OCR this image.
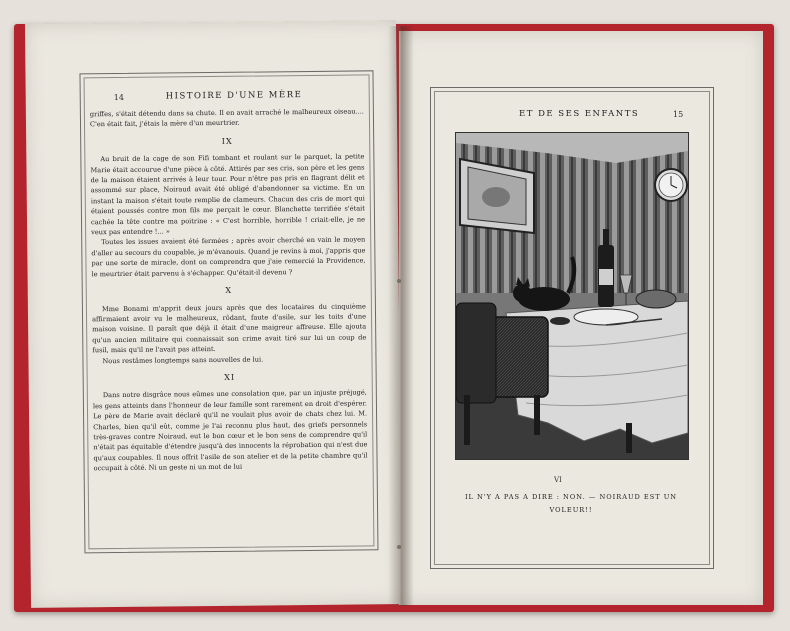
14	HISTOIRE D'UNE MÈRE

griffes, s'était détendu dans sa chute. Il en avait arraché le malheureux oiseau.... C'en était fait, j'étais la mère d'un meurtrier.

IX

Au bruit de la cage de son Fifi tombant et roulant sur le parquet, la petite Marie était accourue d'une pièce à côté. Attirés par ses cris, son père et les gens de la maison étaient arrivés à leur tour. Pour n'être pas pris en flagrant délit et assommé sur place, Noiraud avait été obligé d'abandonner sa victime. En un instant la maison s'était toute remplie de clameurs. Chacun des cris de mort qui étaient poussés contre mon fils me perçait le cœur. Blanchette terrifiée s'était cachée la tête contre ma poitrine : « C'est horrible, horrible ! criait-elle, je ne veux pas entendre !... »

Toutes les issues avaient été fermées ; après avoir cherché en vain le moyen d'aller au secours du coupable, je m'évanouis. Quand je revins à moi, j'appris que par une sorte de miracle, dont on comprendra que j'aie remercié la Providence, le meurtrier était parvenu à s'échapper. Qu'était-il devenu ?

X

Mme Bonami m'apprit deux jours après que des locataires du cinquième affirmaient avoir vu le malheureux, rôdant, faute d'asile, sur les toits d'une maison voisine. Il paraît que déjà il était d'une maigreur affreuse. Elle ajouta qu'un ancien militaire qui connaissait son crime avait tiré sur lui un coup de fusil, mais qu'il ne l'avait pas atteint.

Nous restâmes longtemps sans nouvelles de lui.

XI

Dans notre disgrâce nous eûmes une consolation que, par un injuste préjugé, les gens atteints dans l'honneur de leur famille sont rarement en droit d'espérer. Le père de Marie avait déclaré qu'il ne voulait plus avoir de chats chez lui. M. Charles, bien qu'il eût, comme je l'ai reconnu plus haut, des griefs personnels très-graves contre Noiraud, eut le bon cœur et le bon sens de comprendre qu'il n'était pas équitable d'étendre jusqu'à des innocents la réprobation qui n'est due qu'aux coupables. Il nous offrit l'asile de son atelier et de la petite chambre qu'il occupait à côté. Ni un geste ni un mot de lui

ET DE SES ENFANTS	15
VI
IL N'Y A PAS A DIRE : NON. — NOIRAUD EST UN
VOLEUR!!
